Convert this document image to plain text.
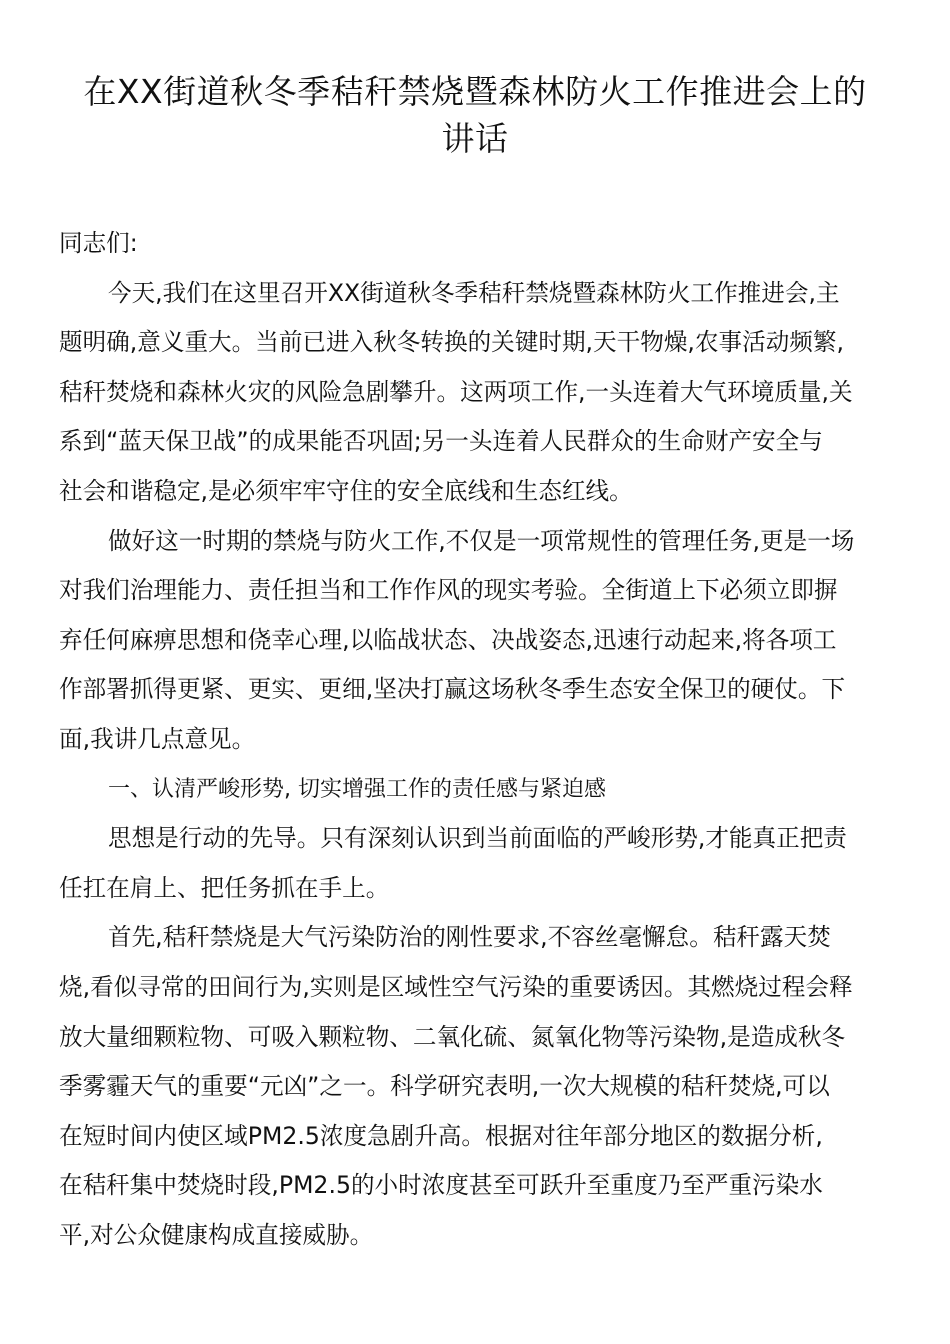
在XX街道秋冬季秸秆禁烧暨森林防火工作推进会上的
讲话
同志们:
今天,我们在这里召开XX街道秋冬季秸秆禁烧暨森林防火工作推进会,主
题明确,意义重大。当前已进入秋冬转换的关键时期,天干物燥,农事活动频繁,
秸秆焚烧和森林火灾的风险急剧攀升。这两项工作,一头连着大气环境质量,关
系到“蓝天保卫战”的成果能否巩固;另一头连着人民群众的生命财产安全与
社会和谐稳定,是必须牢牢守住的安全底线和生态红线。
做好这一时期的禁烧与防火工作,不仅是一项常规性的管理任务,更是一场
对我们治理能力、责任担当和工作作风的现实考验。全街道上下必须立即摒
弃任何麻痹思想和侥幸心理,以临战状态、决战姿态,迅速行动起来,将各项工
作部署抓得更紧、更实、更细,坚决打赢这场秋冬季生态安全保卫的硬仗。下
面,我讲几点意见。
一、认清严峻形势, 切实增强工作的责任感与紧迫感
思想是行动的先导。只有深刻认识到当前面临的严峻形势,才能真正把责
任扛在肩上、把任务抓在手上。
首先,秸秆禁烧是大气污染防治的刚性要求,不容丝毫懈怠。秸秆露天焚
烧,看似寻常的田间行为,实则是区域性空气污染的重要诱因。其燃烧过程会释
放大量细颗粒物、可吸入颗粒物、二氧化硫、氮氧化物等污染物,是造成秋冬
季雾霾天气的重要“元凶”之一。科学研究表明,一次大规模的秸秆焚烧,可以
在短时间内使区域PM2.5浓度急剧升高。根据对往年部分地区的数据分析,
在秸秆集中焚烧时段,PM2.5的小时浓度甚至可跃升至重度乃至严重污染水
平,对公众健康构成直接威胁。
